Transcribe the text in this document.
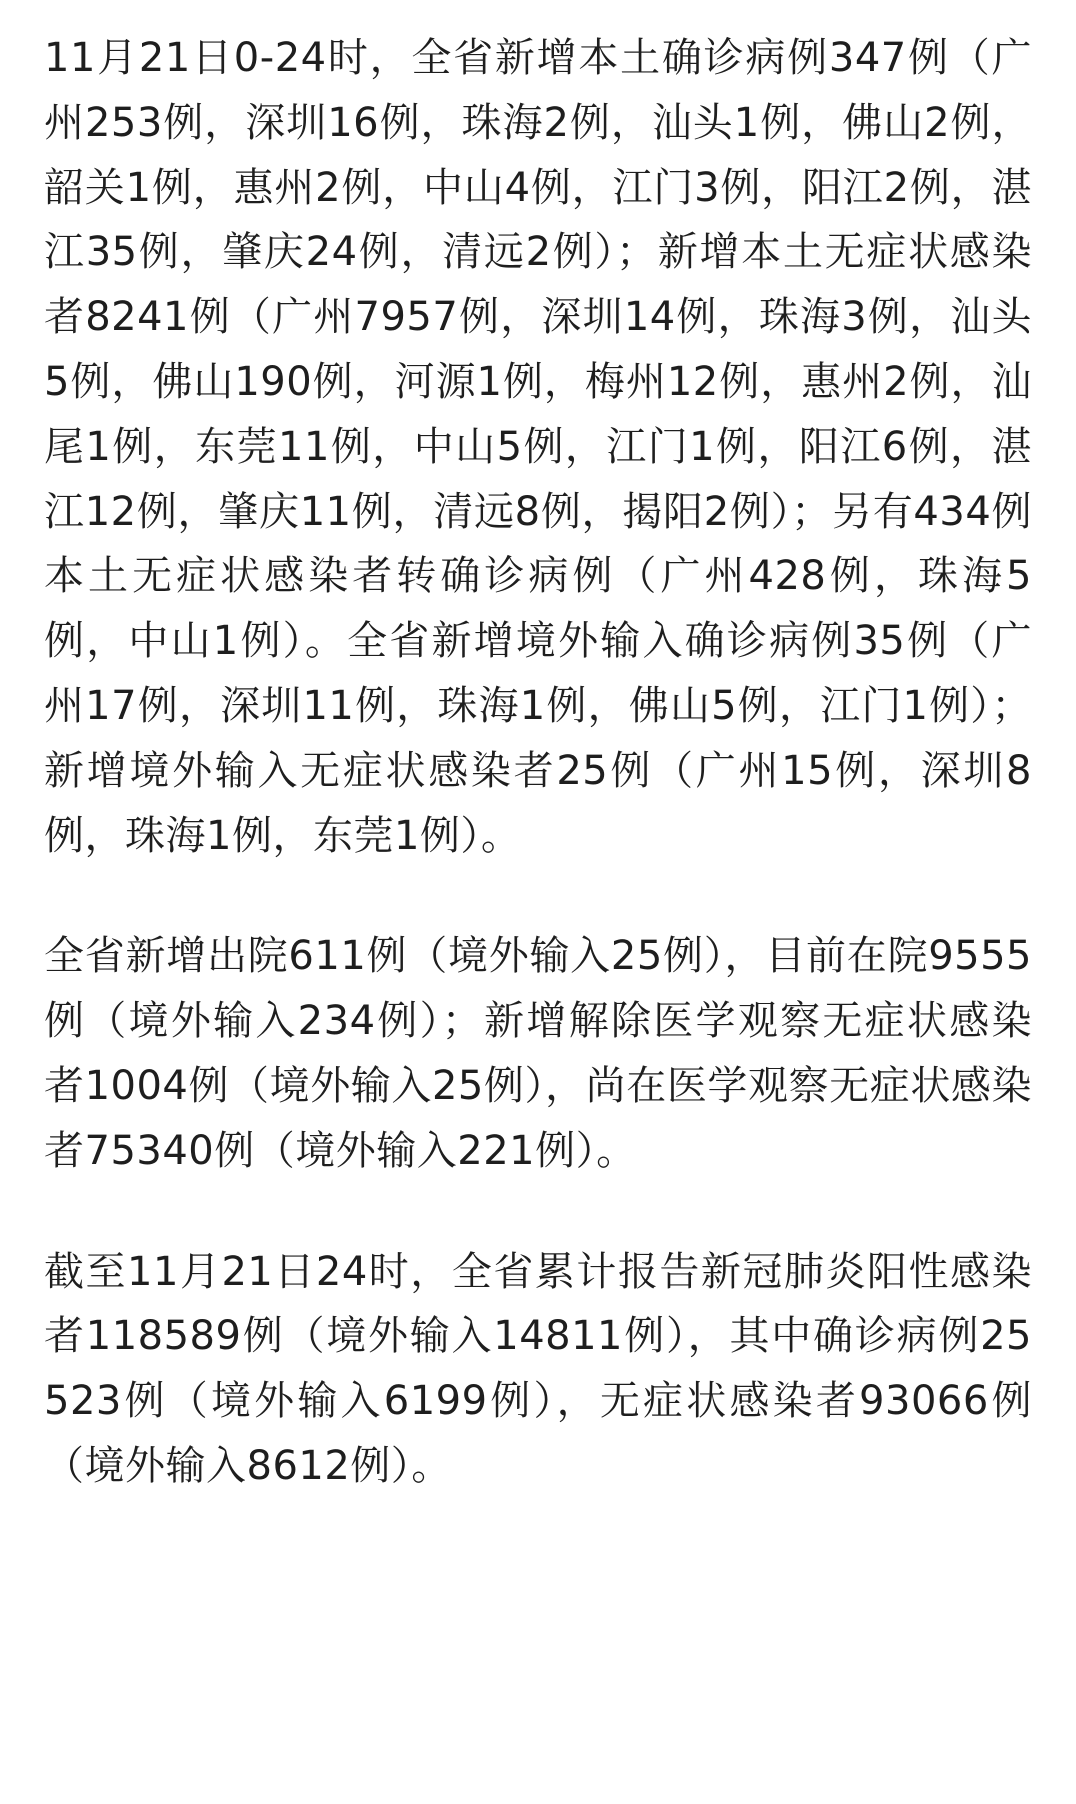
11月21日0-24时，全省新增本土确诊病例347例（广州253例，深圳16例，珠海2例，汕头1例，佛山2例，韶关1例，惠州2例，中山4例，江门3例，阳江2例，湛江35例，肇庆24例，清远2例）；新增本土无症状感染者8241例（广州7957例，深圳14例，珠海3例，汕头5例，佛山190例，河源1例，梅州12例，惠州2例，汕尾1例，东莞11例，中山5例，江门1例，阳江6例，湛江12例，肇庆11例，清远8例，揭阳2例）；另有434例本土无症状感染者转确诊病例（广州428例，珠海5例，中山1例）。全省新增境外输入确诊病例35例（广州17例，深圳11例，珠海1例，佛山5例，江门1例）；新增境外输入无症状感染者25例（广州15例，深圳8例，珠海1例，东莞1例）。

全省新增出院611例（境外输入25例），目前在院9555例（境外输入234例）；新增解除医学观察无症状感染者1004例（境外输入25例），尚在医学观察无症状感染者75340例（境外输入221例）。

截至11月21日24时，全省累计报告新冠肺炎阳性感染者118589例（境外输入14811例），其中确诊病例25523例（境外输入6199例），无症状感染者93066例（境外输入8612例）。
